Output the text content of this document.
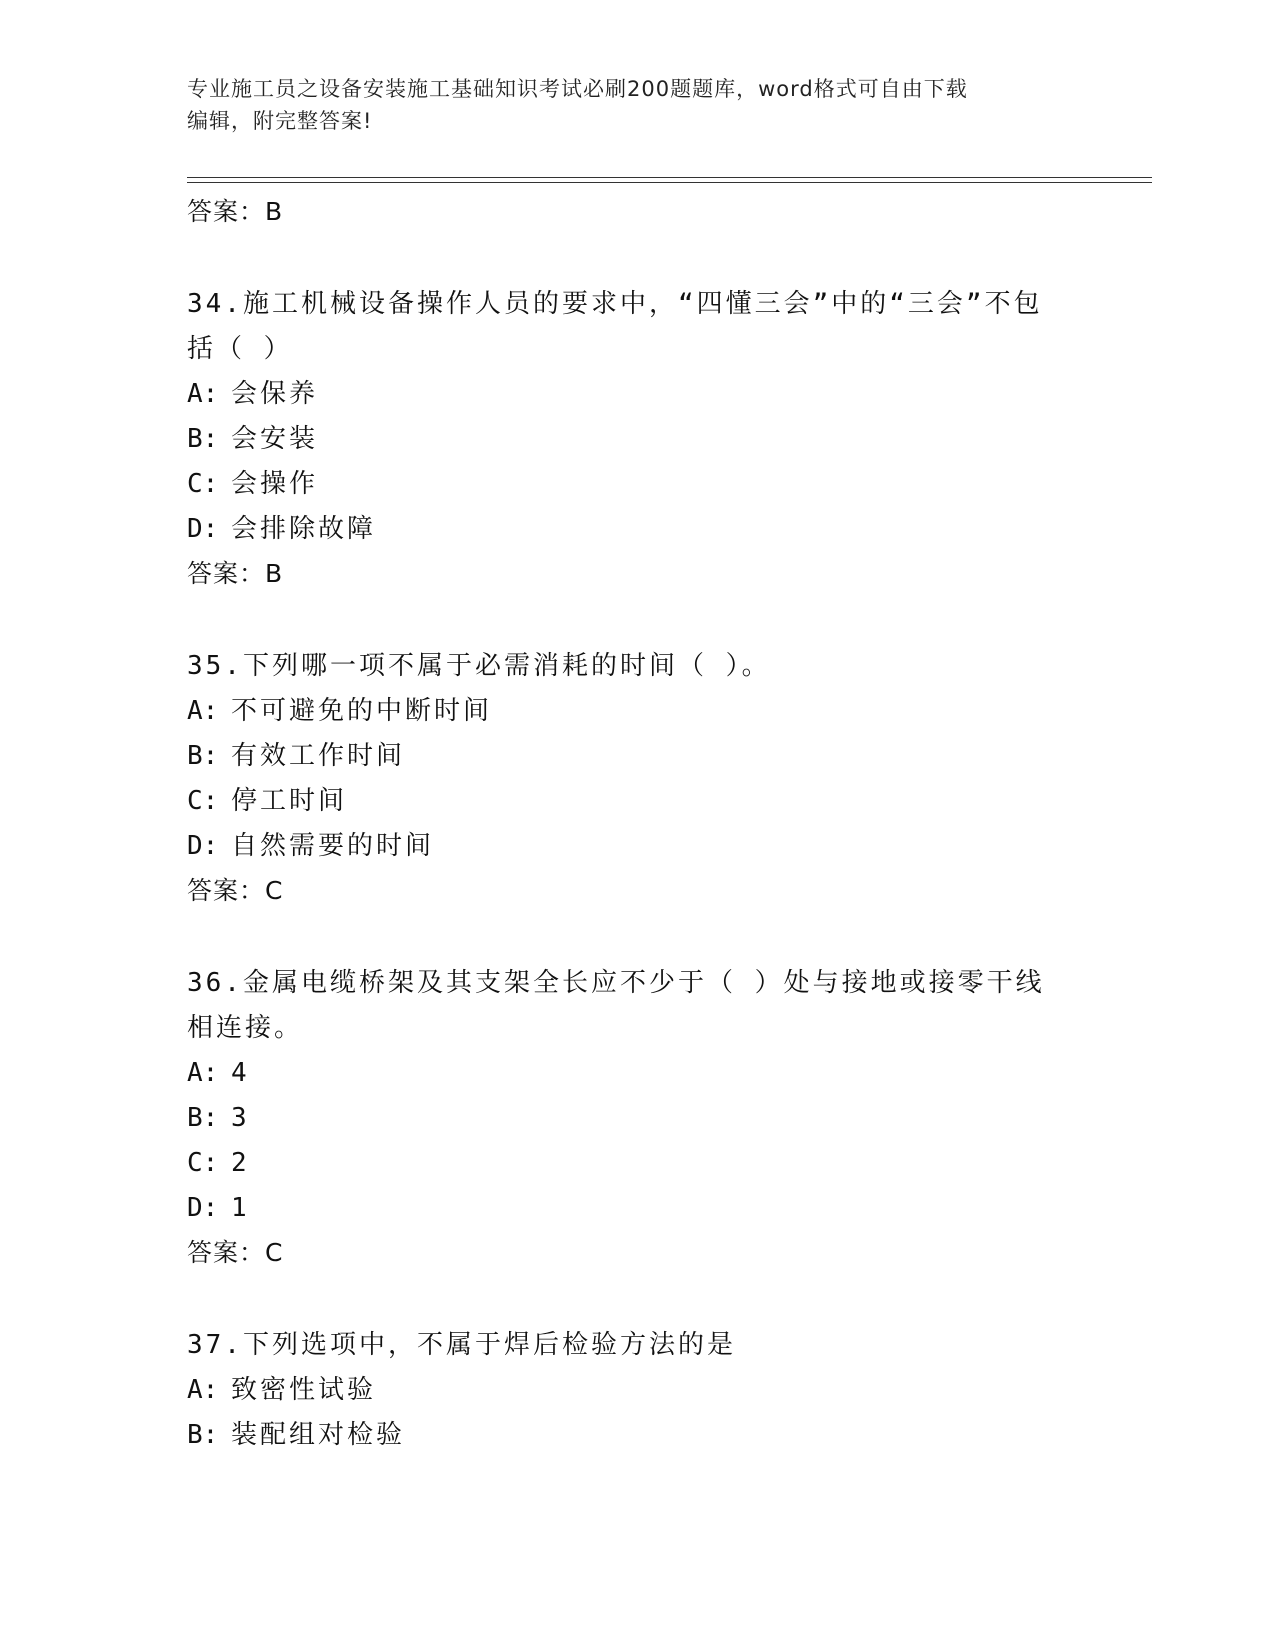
专业施工员之设备安装施工基础知识考试必刷200题题库，word格式可自由下载
编辑，附完整答案!
答案：B
34.施工机械设备操作人员的要求中，“四懂三会”中的“三会”不包括（ ）
A: 会保养
B: 会安装
C: 会操作
D: 会排除故障
答案：B
35.下列哪一项不属于必需消耗的时间（ ）。
A: 不可避免的中断时间
B: 有效工作时间
C: 停工时间
D: 自然需要的时间
答案：C
36.金属电缆桥架及其支架全长应不少于（ ）处与接地或接零干线相连接。
A: 4
B: 3
C: 2
D: 1
答案：C
37.下列选项中，不属于焊后检验方法的是
A: 致密性试验
B: 装配组对检验
